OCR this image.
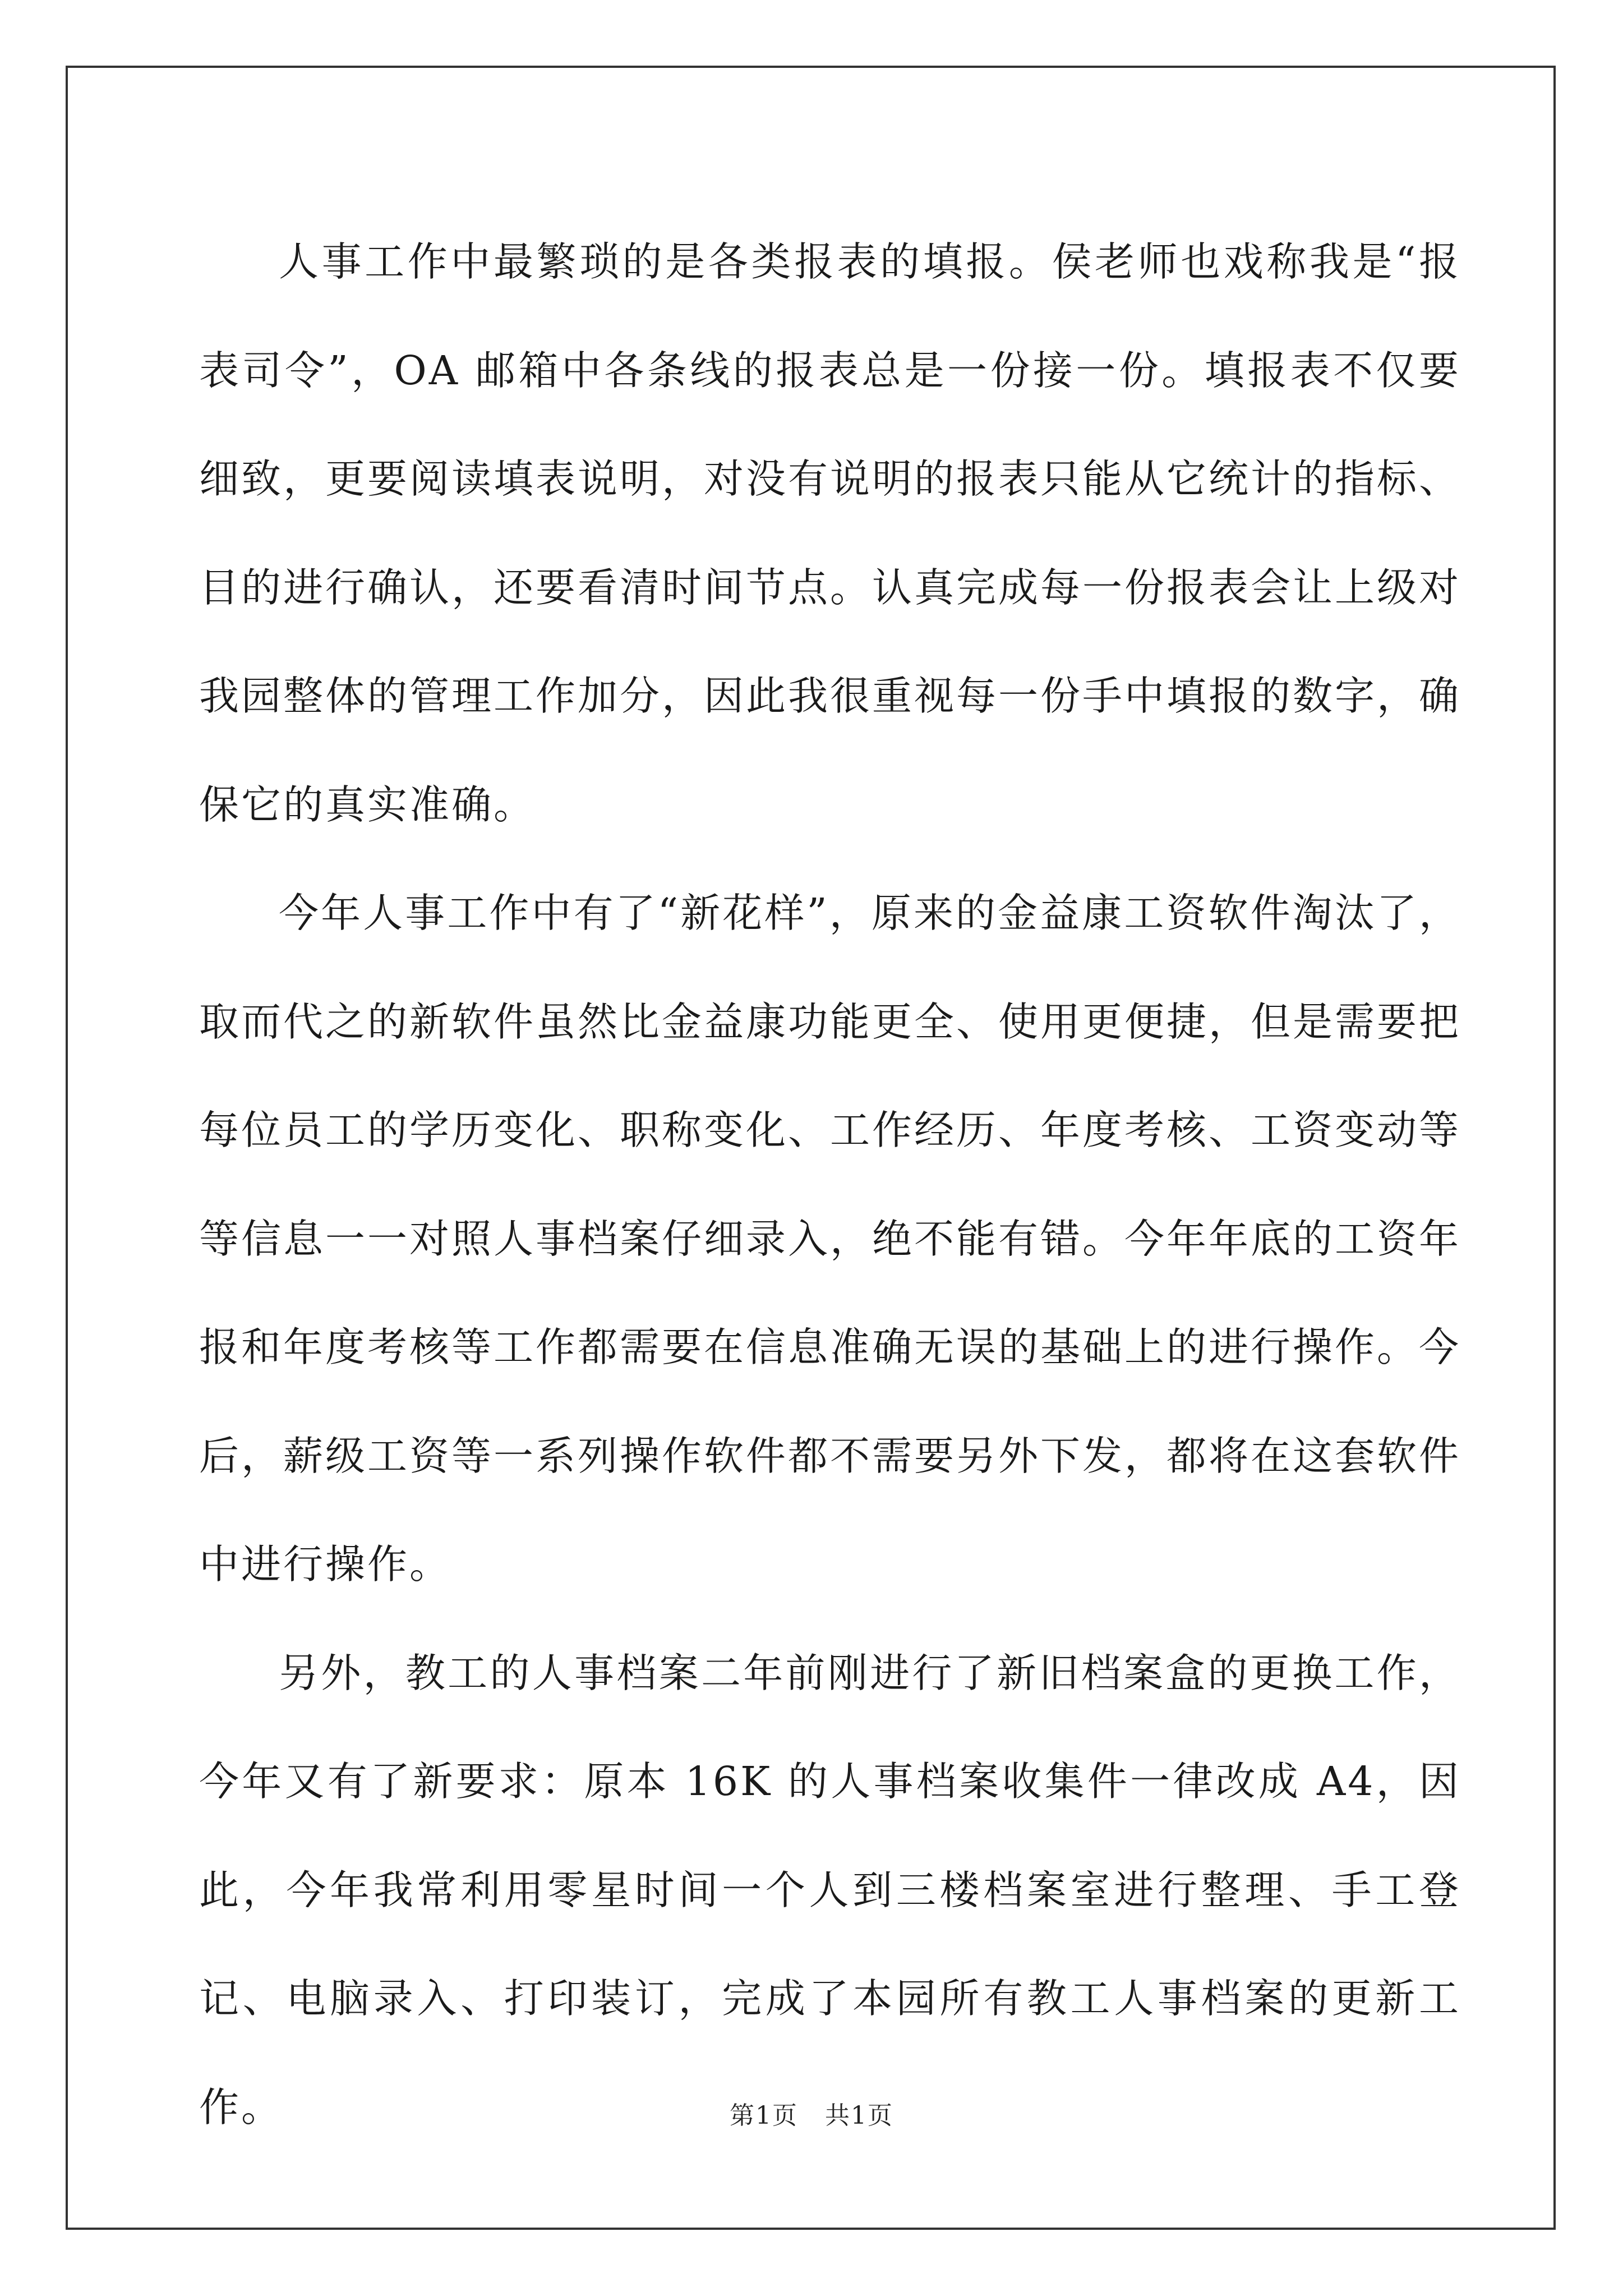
人事工作中最繁琐的是各类报表的填报。侯老师也戏称我是“报表司令”，OA 邮箱中各条线的报表总是一份接一份。填报表不仅要细致，更要阅读填表说明，对没有说明的报表只能从它统计的指标、目的进行确认，还要看清时间节点。认真完成每一份报表会让上级对我园整体的管理工作加分，因此我很重视每一份手中填报的数字，确保它的真实准确。

今年人事工作中有了“新花样”，原来的金益康工资软件淘汰了，取而代之的新软件虽然比金益康功能更全、使用更便捷，但是需要把每位员工的学历变化、职称变化、工作经历、年度考核、工资变动等等信息一一对照人事档案仔细录入，绝不能有错。今年年底的工资年报和年度考核等工作都需要在信息准确无误的基础上的进行操作。今后，薪级工资等一系列操作软件都不需要另外下发，都将在这套软件中进行操作。

另外，教工的人事档案二年前刚进行了新旧档案盒的更换工作，今年又有了新要求：原本 16K 的人事档案收集件一律改成 A4，因此，今年我常利用零星时间一个人到三楼档案室进行整理、手工登记、电脑录入、打印装订，完成了本园所有教工人事档案的更新工作。	第1页 共1页
